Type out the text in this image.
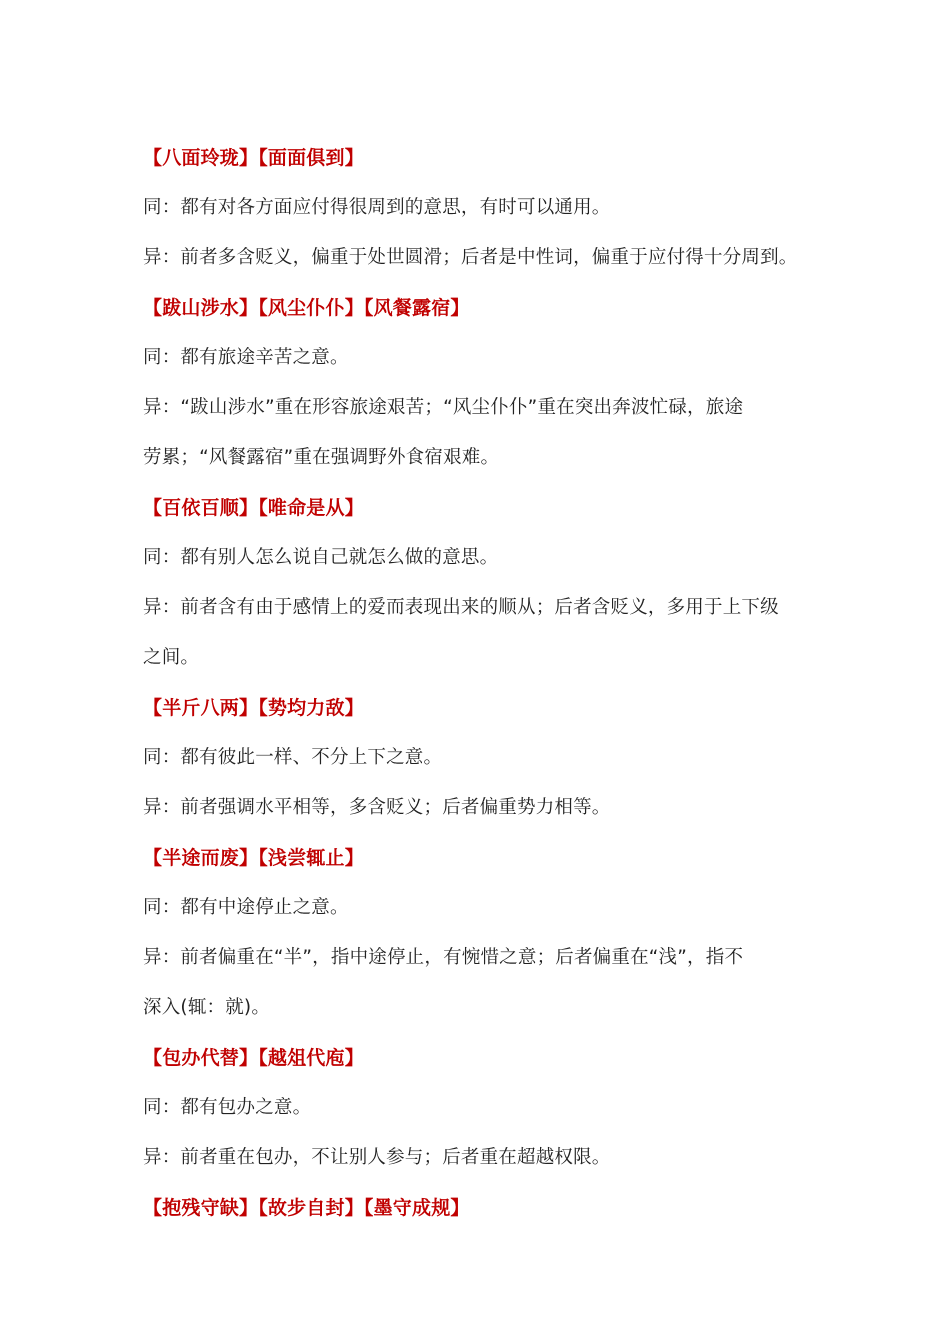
【八面玲珑】【面面俱到】

同：都有对各方面应付得很周到的意思，有时可以通用。

异：前者多含贬义，偏重于处世圆滑；后者是中性词，偏重于应付得十分周到。

【跋山涉水】【风尘仆仆】【风餐露宿】

同：都有旅途辛苦之意。

异：“跋山涉水”重在形容旅途艰苦；“风尘仆仆”重在突出奔波忙碌，旅途

劳累；“风餐露宿”重在强调野外食宿艰难。

【百依百顺】【唯命是从】

同：都有别人怎么说自己就怎么做的意思。

异：前者含有由于感情上的爱而表现出来的顺从；后者含贬义，多用于上下级

之间。

【半斤八两】【势均力敌】

同：都有彼此一样、不分上下之意。

异：前者强调水平相等，多含贬义；后者偏重势力相等。

【半途而废】【浅尝辄止】

同：都有中途停止之意。

异：前者偏重在“半”，指中途停止，有惋惜之意；后者偏重在“浅”，指不

深入(辄：就)。

【包办代替】【越俎代庖】

同：都有包办之意。

异：前者重在包办，不让别人参与；后者重在超越权限。

【抱残守缺】【故步自封】【墨守成规】
